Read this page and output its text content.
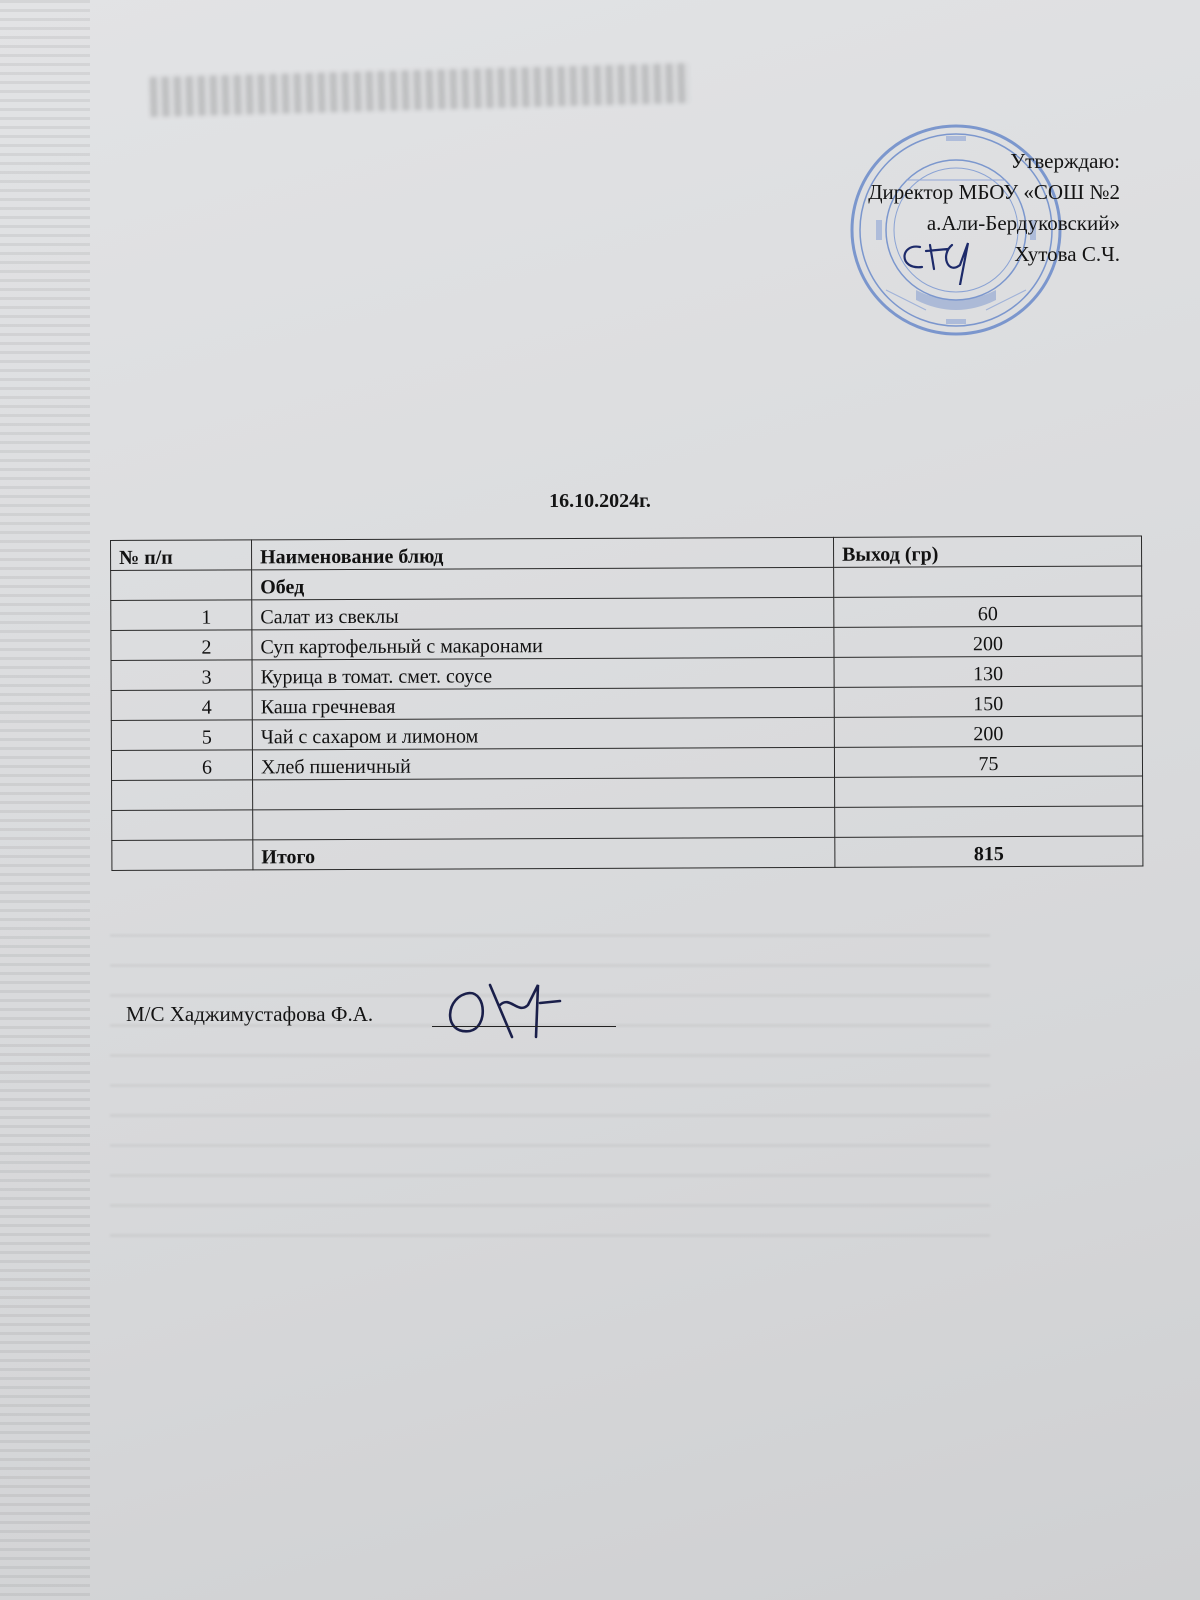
Утверждаю:
Директор МБОУ «СОШ №2
а.Али-Бердуковский»
Хутова С.Ч.
16.10.2024г.
№ п/п	Наименование блюд	Выход (гр)
	Обед	
1	Салат из свеклы	60
2	Суп картофельный с макаронами	200
3	Курица в томат. смет. соусе	130
4	Каша гречневая	150
5	Чай с сахаром и лимоном	200
6	Хлеб пшеничный	75

	Итого	815
М/С Хаджимустафова Ф.А.
